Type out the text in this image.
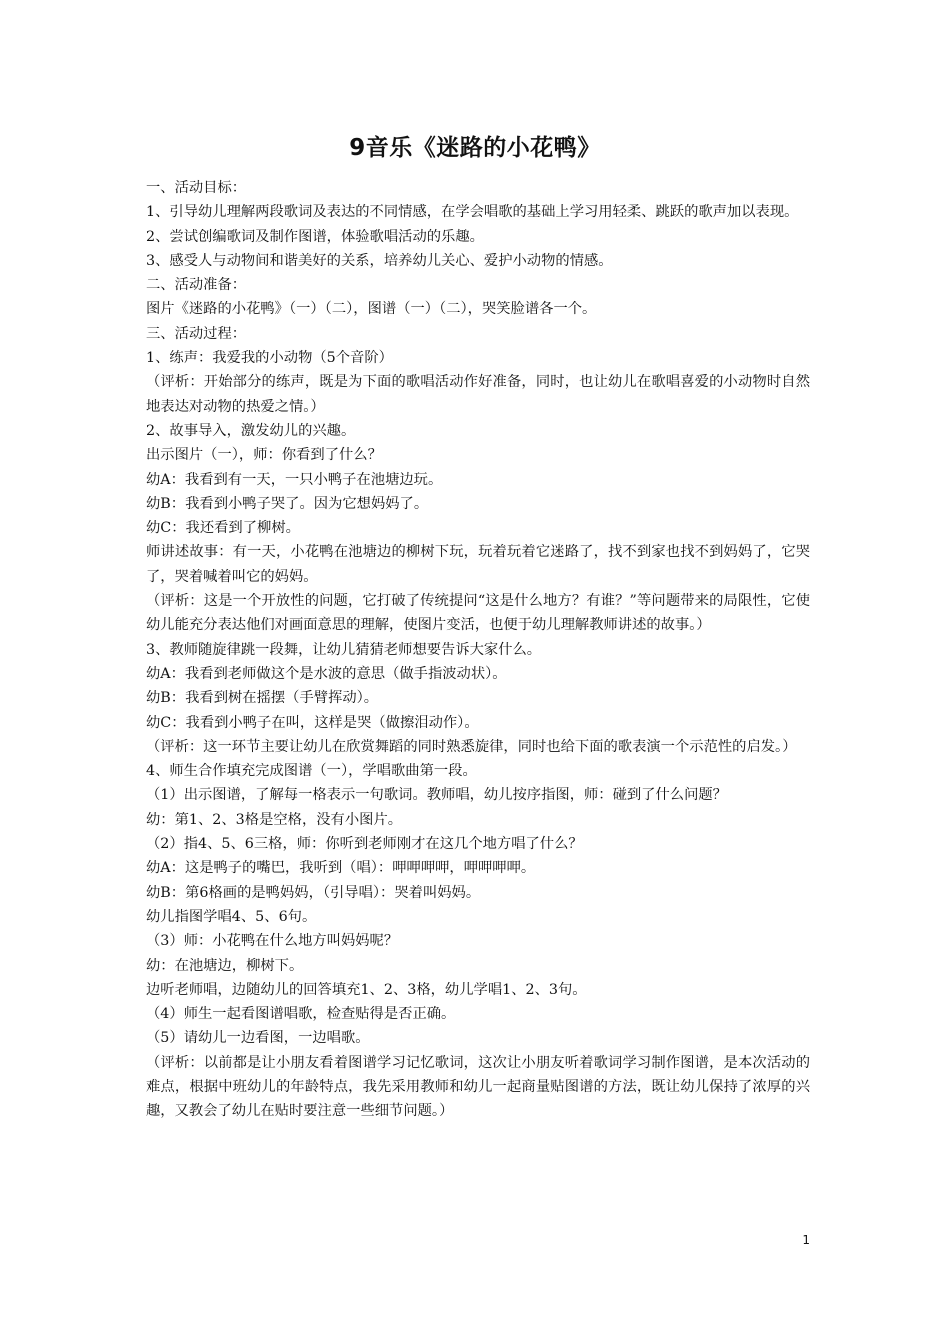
9音乐《迷路的小花鸭》
一、活动目标：
1、引导幼儿理解两段歌词及表达的不同情感，在学会唱歌的基础上学习用轻柔、跳跃的歌声加以表现。
2、尝试创编歌词及制作图谱，体验歌唱活动的乐趣。
3、感受人与动物间和谐美好的关系，培养幼儿关心、爱护小动物的情感。
二、活动准备：
图片《迷路的小花鸭》（一）（二），图谱（一）（二），哭笑脸谱各一个。
三、活动过程：
1、练声：我爱我的小动物（5个音阶）
（评析：开始部分的练声，既是为下面的歌唱活动作好准备，同时，也让幼儿在歌唱喜爱的小动物时自然地表达对动物的热爱之情。）
2、故事导入，激发幼儿的兴趣。
出示图片（一），师：你看到了什么？
幼A：我看到有一天，一只小鸭子在池塘边玩。
幼B：我看到小鸭子哭了。因为它想妈妈了。
幼C：我还看到了柳树。
师讲述故事：有一天，小花鸭在池塘边的柳树下玩，玩着玩着它迷路了，找不到家也找不到妈妈了，它哭了，哭着喊着叫它的妈妈。
（评析：这是一个开放性的问题，它打破了传统提问“这是什么地方？有谁？”等问题带来的局限性，它使幼儿能充分表达他们对画面意思的理解，使图片变活，也便于幼儿理解教师讲述的故事。）
3、教师随旋律跳一段舞，让幼儿猜猜老师想要告诉大家什么。
幼A：我看到老师做这个是水波的意思（做手指波动状）。
幼B：我看到树在摇摆（手臂挥动）。
幼C：我看到小鸭子在叫，这样是哭（做擦泪动作）。
（评析：这一环节主要让幼儿在欣赏舞蹈的同时熟悉旋律，同时也给下面的歌表演一个示范性的启发。）
4、师生合作填充完成图谱（一），学唱歌曲第一段。
（1）出示图谱，了解每一格表示一句歌词。教师唱，幼儿按序指图，师：碰到了什么问题？
幼：第1、2、3格是空格，没有小图片。
（2）指4、5、6三格，师：你听到老师刚才在这几个地方唱了什么？
幼A：这是鸭子的嘴巴，我听到（唱）：呷呷呷呷，呷呷呷呷。
幼B：第6格画的是鸭妈妈，（引导唱）：哭着叫妈妈。
幼儿指图学唱4、5、6句。
（3）师：小花鸭在什么地方叫妈妈呢？
幼：在池塘边，柳树下。
边听老师唱，边随幼儿的回答填充1、2、3格，幼儿学唱1、2、3句。
（4）师生一起看图谱唱歌，检查贴得是否正确。
（5）请幼儿一边看图，一边唱歌。
（评析：以前都是让小朋友看着图谱学习记忆歌词，这次让小朋友听着歌词学习制作图谱，是本次活动的难点，根据中班幼儿的年龄特点，我先采用教师和幼儿一起商量贴图谱的方法，既让幼儿保持了浓厚的兴趣，又教会了幼儿在贴时要注意一些细节问题。）
1
